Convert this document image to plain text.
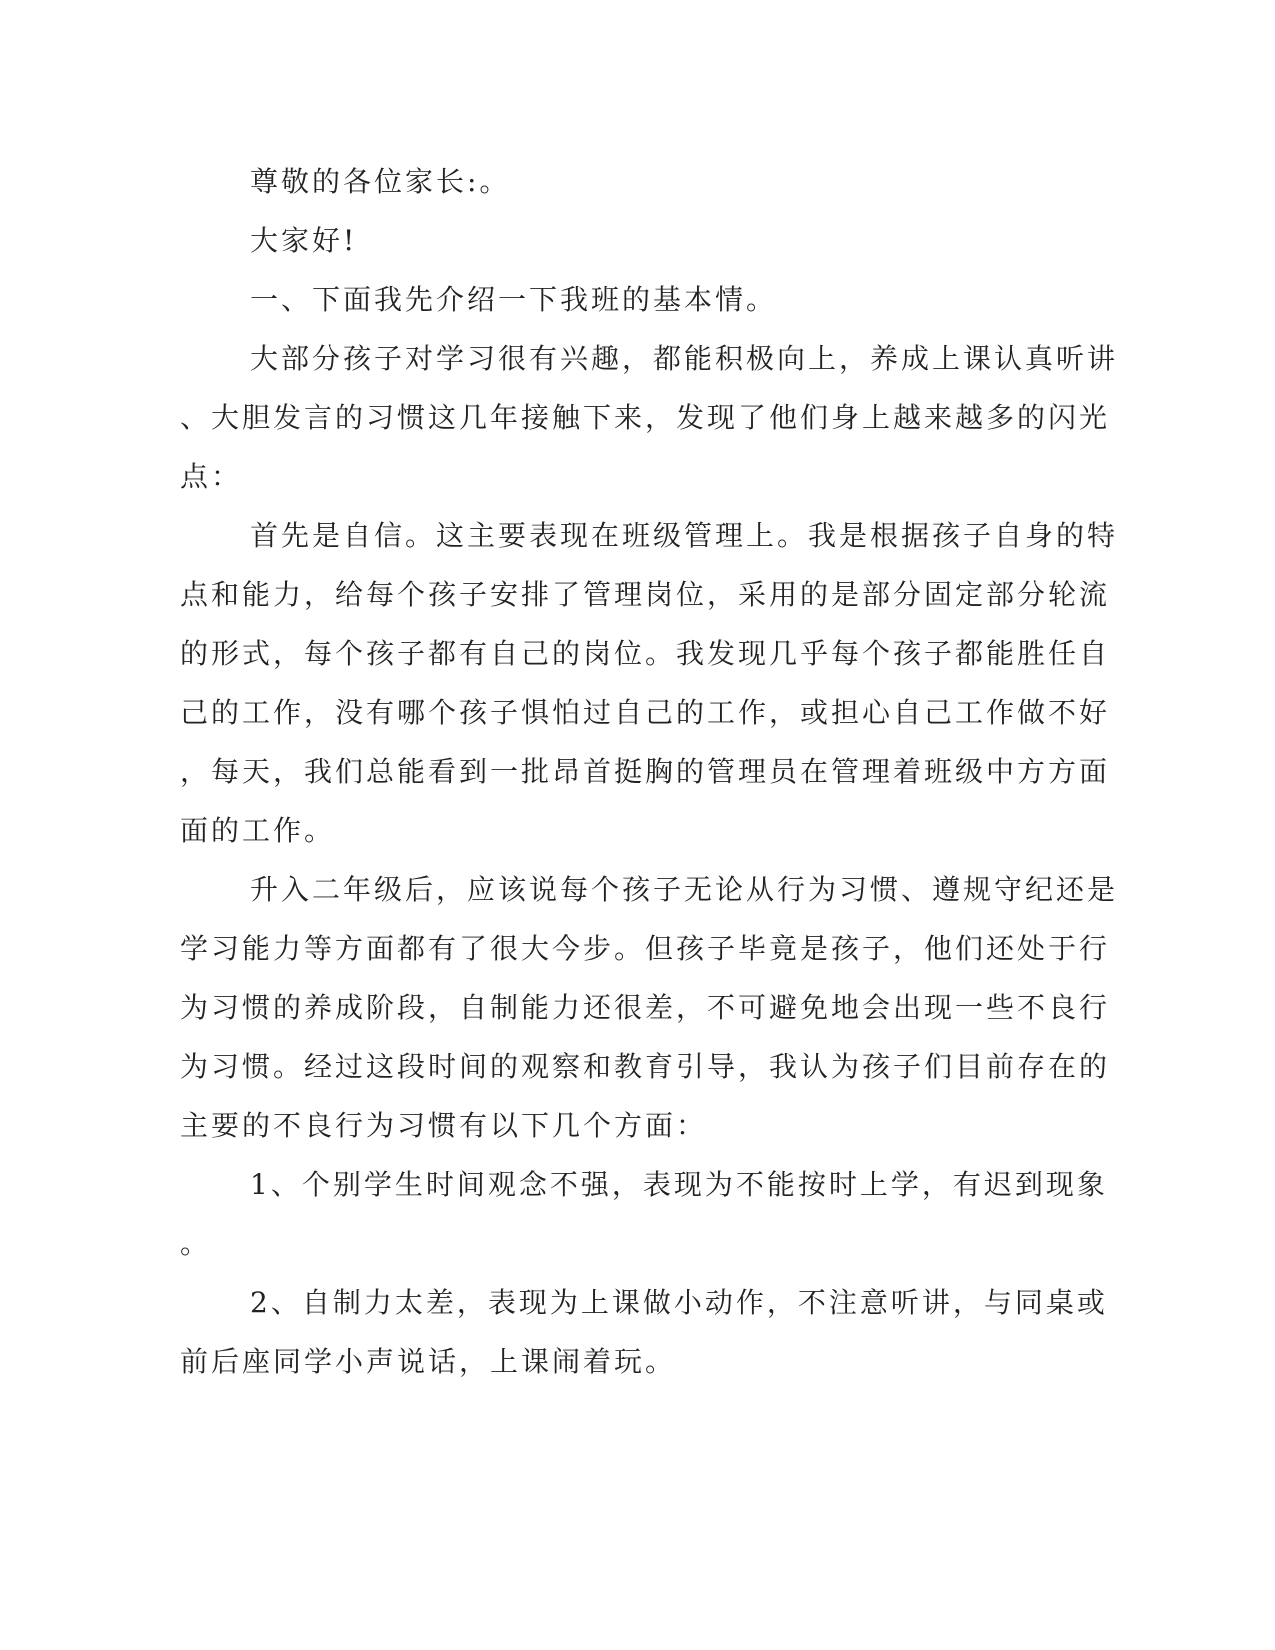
尊敬的各位家长:。
大家好!
一、下面我先介绍一下我班的基本情。
大部分孩子对学习很有兴趣，都能积极向上，养成上课认真听讲
、大胆发言的习惯这几年接触下来，发现了他们身上越来越多的闪光
点：
首先是自信。这主要表现在班级管理上。我是根据孩子自身的特
点和能力，给每个孩子安排了管理岗位，采用的是部分固定部分轮流
的形式，每个孩子都有自己的岗位。我发现几乎每个孩子都能胜任自
己的工作，没有哪个孩子惧怕过自己的工作，或担心自己工作做不好
，每天，我们总能看到一批昂首挺胸的管理员在管理着班级中方方面
面的工作。
升入二年级后，应该说每个孩子无论从行为习惯、遵规守纪还是
学习能力等方面都有了很大今步。但孩子毕竟是孩子，他们还处于行
为习惯的养成阶段，自制能力还很差，不可避免地会出现一些不良行
为习惯。经过这段时间的观察和教育引导，我认为孩子们目前存在的
主要的不良行为习惯有以下几个方面：
1、个别学生时间观念不强，表现为不能按时上学，有迟到现象
。
2、自制力太差，表现为上课做小动作，不注意听讲，与同桌或
前后座同学小声说话，上课闹着玩。
